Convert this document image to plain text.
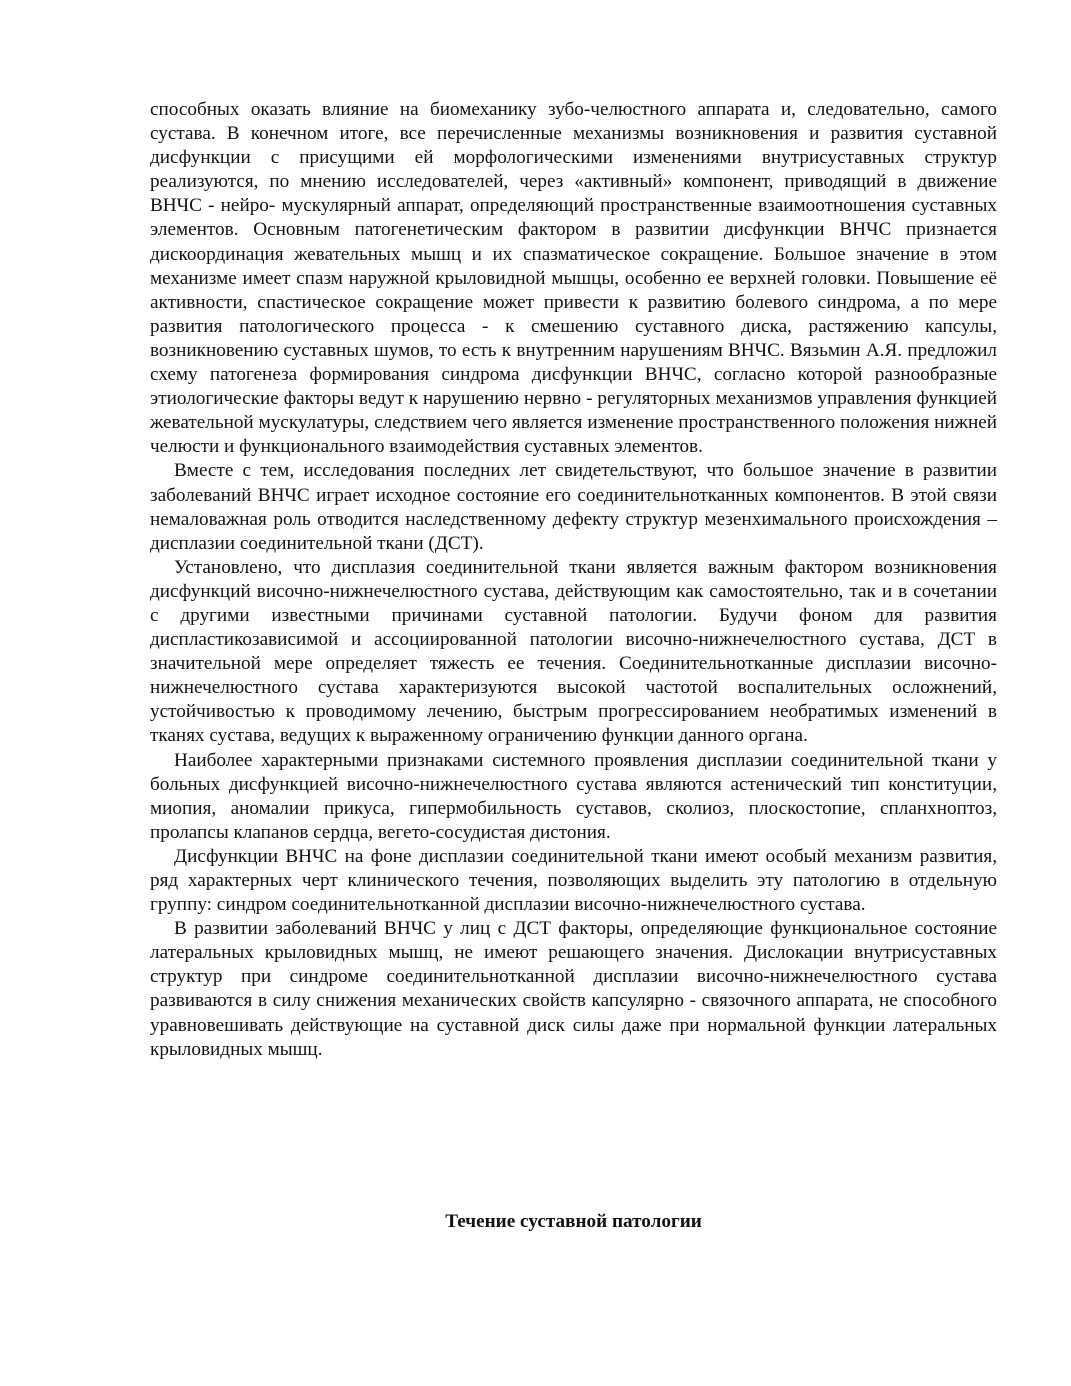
способных оказать влияние на биомеханику зубо-челюстного аппарата и, следовательно, самого сустава. В конечном итоге, все перечисленные механизмы возникновения и развития суставной дисфункции с присущими ей морфологическими изменениями внутрисуставных структур реализуются, по мнению исследователей, через «активный» компонент, приводящий в движение ВНЧС - нейро- мускулярный аппарат, определяющий пространственные взаимоотношения суставных элементов. Основным патогенетическим фактором в развитии дисфункции ВНЧС признается дискоординация жевательных мышц и их спазматическое сокращение. Большое значение в этом механизме имеет спазм наружной крыловидной мышцы, особенно ее верхней головки. Повышение её активности, спастическое сокращение может привести к развитию болевого синдрома, а по мере развития патологического процесса - к смешению суставного диска, растяжению капсулы, возникновению суставных шумов, то есть к внутренним нарушениям ВНЧС. Вязьмин А.Я. предложил схему патогенеза формирования синдрома дисфункции ВНЧС, согласно которой разнообразные этиологические факторы ведут к нарушению нервно - регуляторных механизмов управления функцией жевательной мускулатуры, следствием чего является изменение пространственного положения нижней челюсти и функционального взаимодействия суставных элементов.

Вместе с тем, исследования последних лет свидетельствуют, что большое значение в развитии заболеваний ВНЧС играет исходное состояние его соединительнотканных компонентов. В этой связи немаловажная роль отводится наследственному дефекту структур мезенхимального происхождения – дисплазии соединительной ткани (ДСТ).

Установлено, что дисплазия соединительной ткани является важным фактором возникновения дисфункций височно-нижнечелюстного сустава, действующим как самостоятельно, так и в сочетании с другими известными причинами суставной патологии. Будучи фоном для развития диспластикозависимой и ассоциированной патологии височно-нижнечелюстного сустава, ДСТ в значительной мере определяет тяжесть ее течения. Соединительнотканные дисплазии височно-нижнечелюстного сустава характеризуются высокой частотой воспалительных осложнений, устойчивостью к проводимому лечению, быстрым прогрессированием необратимых изменений в тканях сустава, ведущих к выраженному ограничению функции данного органа.

Наиболее характерными признаками системного проявления дисплазии соединительной ткани у больных дисфункцией височно-нижнечелюстного сустава являются астенический тип конституции, миопия, аномалии прикуса, гипермобильность суставов, сколиоз, плоскостопие, спланхноптоз, пролапсы клапанов сердца, вегето-сосудистая дистония.

Дисфункции ВНЧС на фоне дисплазии соединительной ткани имеют особый механизм развития, ряд характерных черт клинического течения, позволяющих выделить эту патологию в отдельную группу: синдром соединительнотканной дисплазии височно-нижнечелюстного сустава.

В развитии заболеваний ВНЧС у лиц с ДСТ факторы, определяющие функциональное состояние латеральных крыловидных мышц, не имеют решающего значения. Дислокации внутрисуставных структур при синдроме соединительнотканной дисплазии височно-нижнечелюстного сустава развиваются в силу снижения механических свойств капсулярно - связочного аппарата, не способного уравновешивать действующие на суставной диск силы даже при нормальной функции латеральных крыловидных мышц.

Течение суставной патологии
